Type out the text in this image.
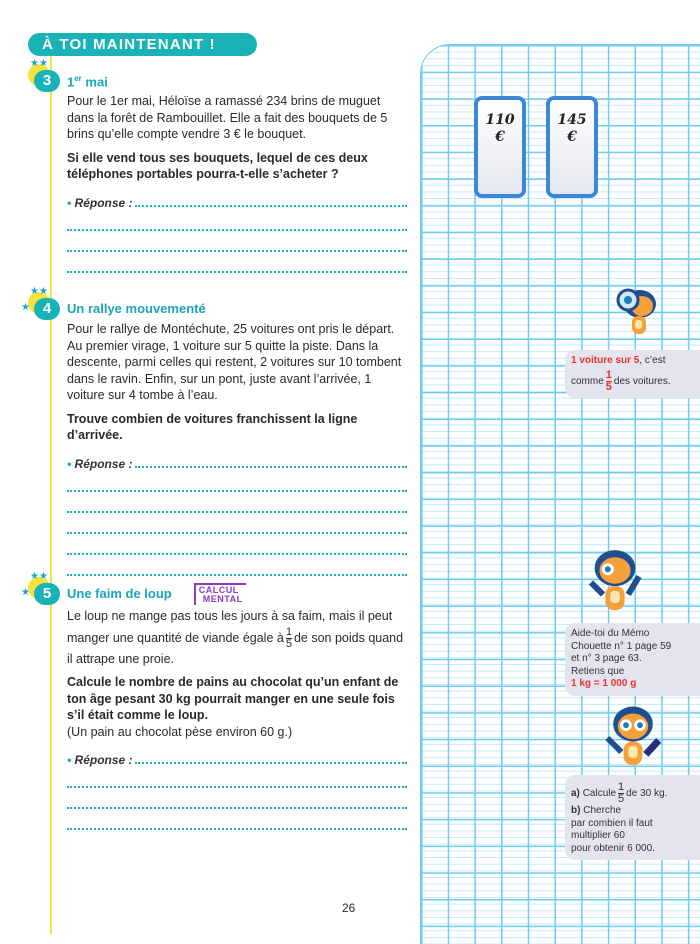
À TOI MAINTENANT !
★★
3	1er mai
Pour le 1er mai, Héloïse a ramassé 234 brins de muguet dans la forêt de Rambouillet. Elle a fait des bouquets de 5 brins qu’elle compte vendre 3 € le bouquet.
Si elle vend tous ses bouquets, lequel de ces deux téléphones portables pourra-t-elle s’acheter ?
• Réponse :
110
€
145
€
★★
★ 4	Un rallye mouvementé
Pour le rallye de Montéchute, 25 voitures ont pris le départ. Au premier virage, 1 voiture sur 5 quitte la piste. Dans la descente, parmi celles qui restent, 2 voitures sur 10 tombent dans le ravin. Enfin, sur un pont, juste avant l’arrivée, 1 voiture sur 4 tombe à l’eau.
Trouve combien de voitures franchissent la ligne d’arrivée.
• Réponse :
★★
★ 5	Une faim de loup	CALCUL
MENTAL
Le loup ne mange pas tous les jours à sa faim, mais il peut
manger une quantité de viande égale à $\frac{1}{5}$ de son poids quand
il attrape une proie.
Calcule le nombre de pains au chocolat qu’un enfant de ton âge pesant 30 kg pourrait manger en une seule fois s’il était comme le loup.
(Un pain au chocolat pèse environ 60 g.)
• Réponse :
1 voiture sur 5, c’est
comme $\frac{1}{5}$ des voitures.
Aide-toi du Mémo
Chouette n° 1 page 59
et n° 3 page 63.
Retiens que
1 kg = 1 000 g
a) Calcule $\frac{1}{5}$ de 30 kg.
b) Cherche
par combien il faut
multiplier 60
pour obtenir 6 000.
26
